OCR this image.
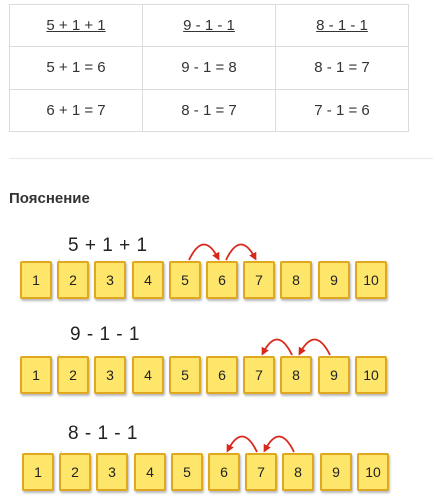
5 + 1 + 1	9 - 1 - 1	8 - 1 - 1
5 + 1 = 6	9 - 1 = 8	8 - 1 = 7
6 + 1 = 7	8 - 1 = 7	7 - 1 = 6
Пояснение
5 + 1 + 1
1	2	3	4	5	6	7	8	9	10
9 - 1 - 1
1	2	3	4	5	6	7	8	9	10
8 - 1 - 1
1	2	3	4	5	6	7	8	9	10
